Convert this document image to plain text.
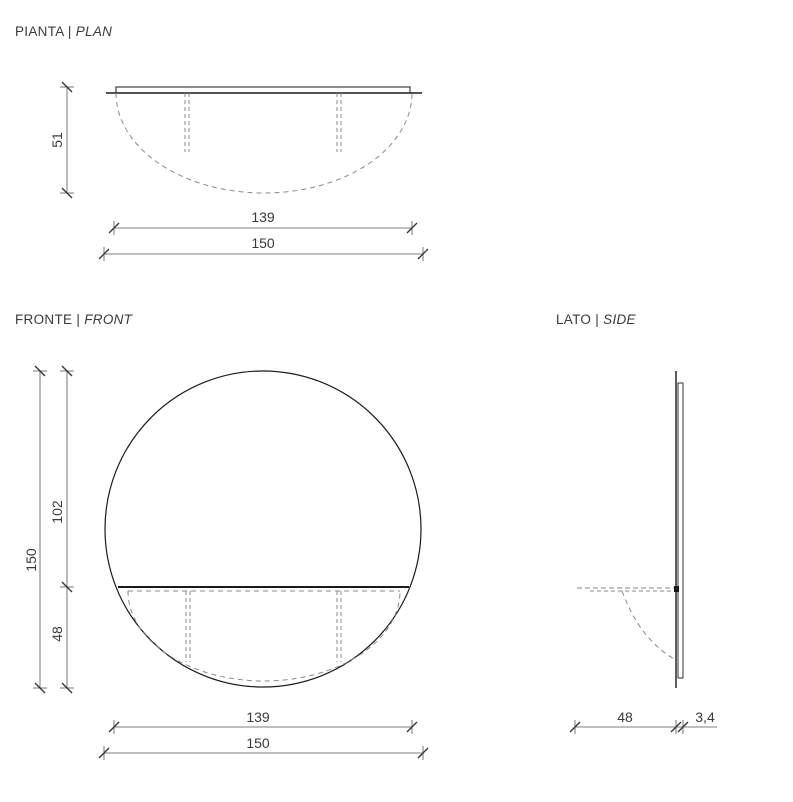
PIANTA | PLAN
FRONTE | FRONT	LATO | SIDE
51
139
150
150
102
48
139
150
48	3,4
